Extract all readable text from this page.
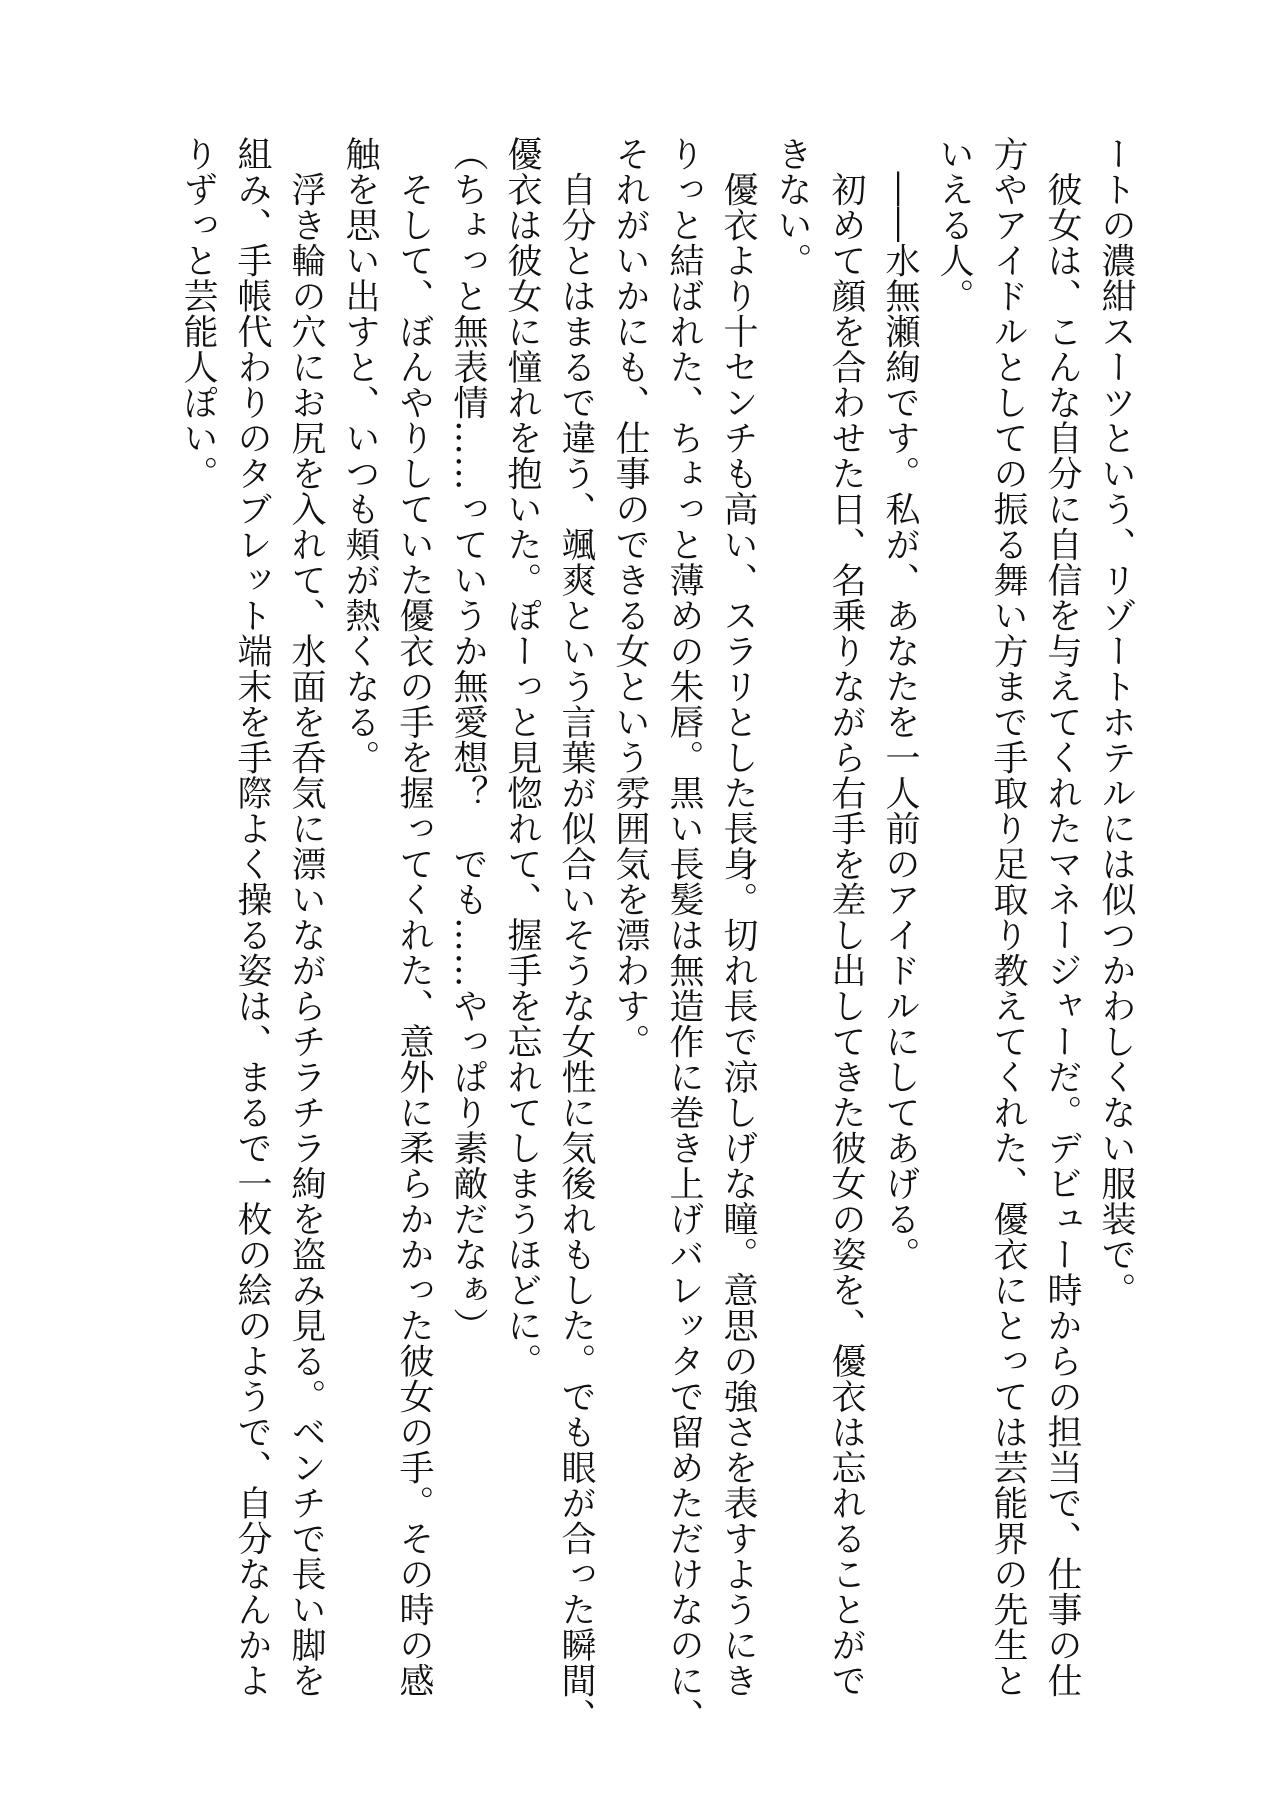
ートの濃紺スーツという、リゾートホテルには似つかわしくない服装で。
　彼女は、こんな自分に自信を与えてくれたマネージャーだ。デビュー時からの担当で、仕事の仕
方やアイドルとしての振る舞い方まで手取り足取り教えてくれた、優衣にとっては芸能界の先生と
いえる人。
　――水無瀬絢です。私が、あなたを一人前のアイドルにしてあげる。
　初めて顔を合わせた日、名乗りながら右手を差し出してきた彼女の姿を、優衣は忘れることがで
きない。
　優衣より十センチも高い、スラリとした長身。切れ長で涼しげな瞳。意思の強さを表すようにき
りっと結ばれた、ちょっと薄めの朱唇。黒い長髪は無造作に巻き上げバレッタで留めただけなのに、
それがいかにも、仕事のできる女という雰囲気を漂わす。
　自分とはまるで違う、颯爽という言葉が似合いそうな女性に気後れもした。でも眼が合った瞬間、
優衣は彼女に憧れを抱いた。ぽーっと見惚れて、握手を忘れてしまうほどに。
（ちょっと無表情……っていうか無愛想？　でも……やっぱり素敵だなぁ）
　そして、ぼんやりしていた優衣の手を握ってくれた、意外に柔らかかった彼女の手。その時の感
触を思い出すと、いつも頬が熱くなる。
　浮き輪の穴にお尻を入れて、水面を呑気に漂いながらチラチラ絢を盗み見る。ベンチで長い脚を
組み、手帳代わりのタブレット端末を手際よく操る姿は、まるで一枚の絵のようで、自分なんかよ
りずっと芸能人ぽい。
